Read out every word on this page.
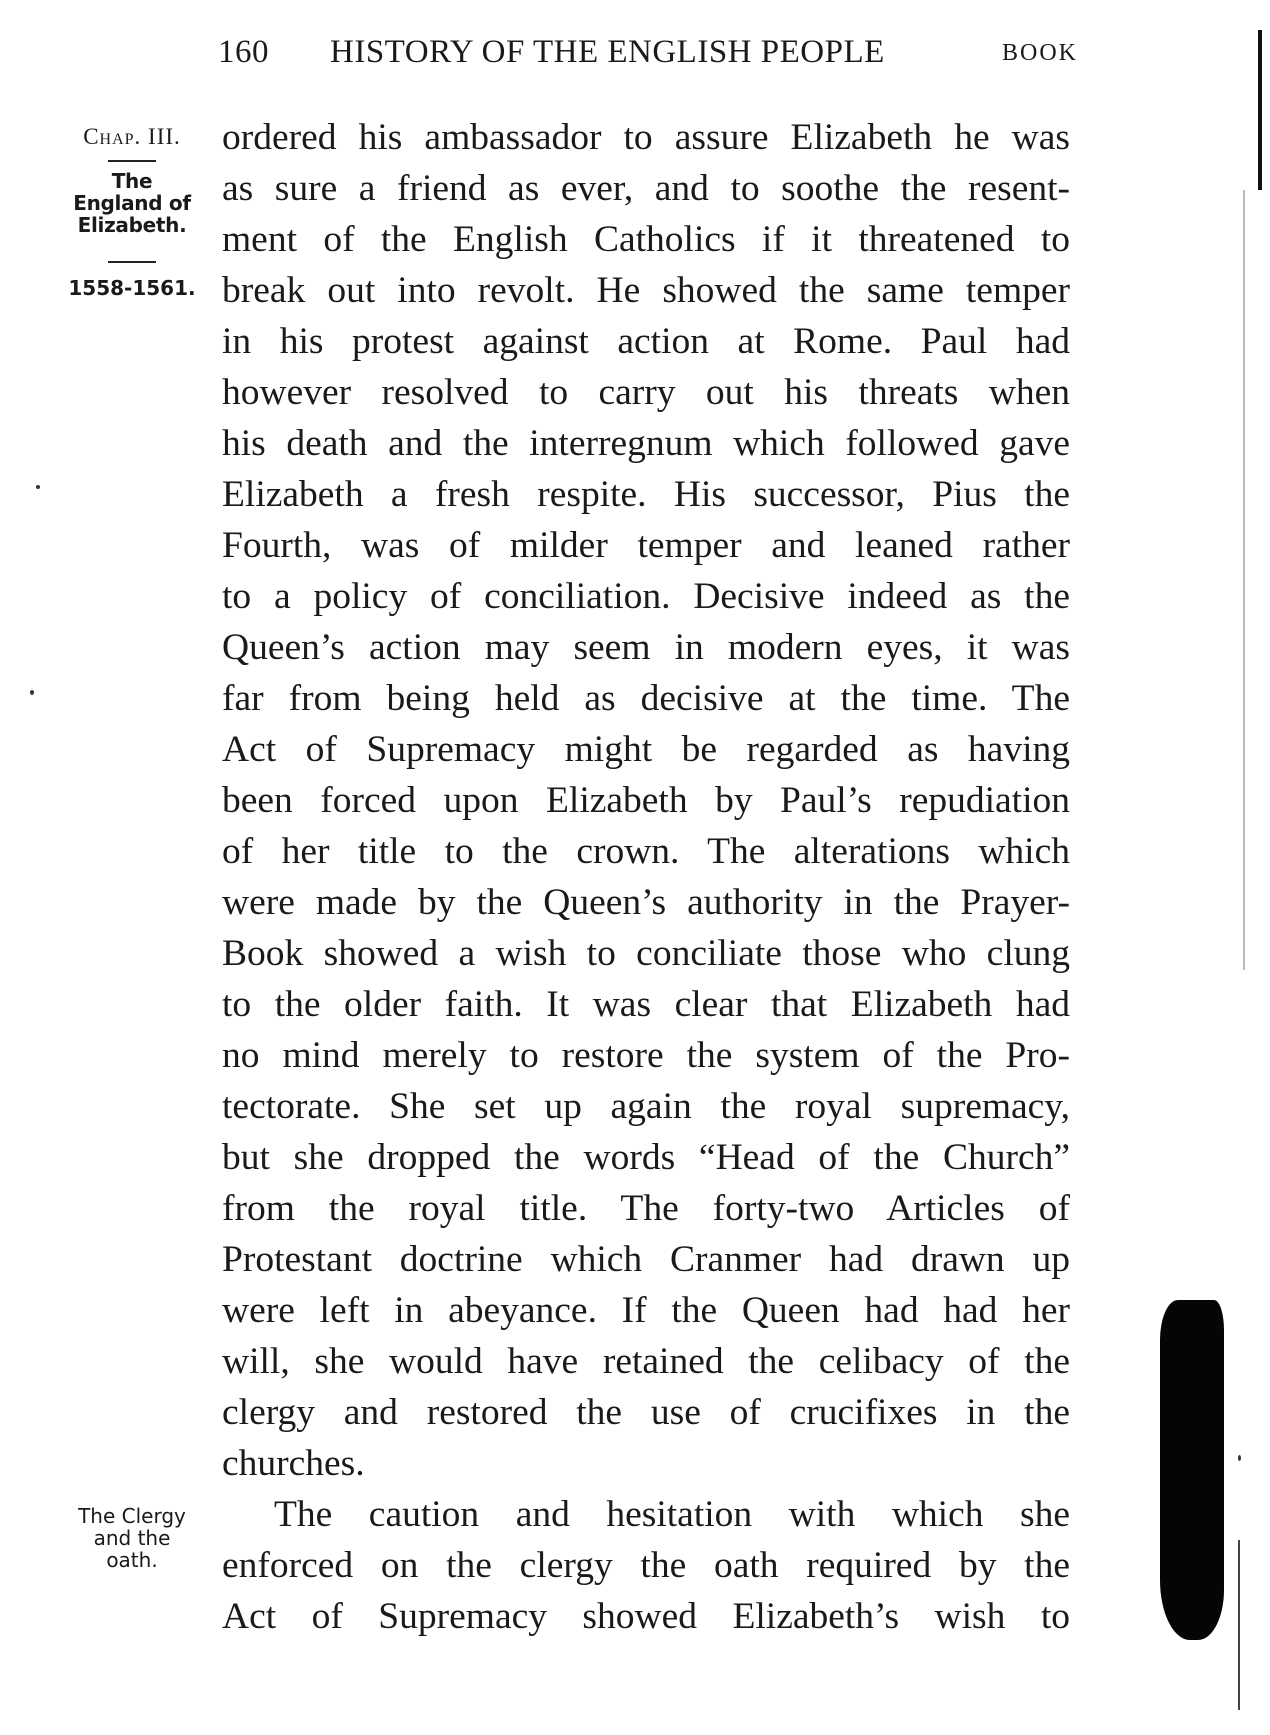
160 HISTORY OF THE ENGLISH PEOPLE	BOOK
Chap. III.
The
England of
Elizabeth.
1558-1561.
The Clergy
and the
oath.
ordered his ambassador to assure Elizabeth he was
as sure a friend as ever, and to soothe the resent-
ment of the English Catholics if it threatened to
break out into revolt. He showed the same temper
in his protest against action at Rome. Paul had
however resolved to carry out his threats when
his death and the interregnum which followed gave
Elizabeth a fresh respite. His successor, Pius the
Fourth, was of milder temper and leaned rather
to a policy of conciliation. Decisive indeed as the
Queen’s action may seem in modern eyes, it was
far from being held as decisive at the time. The
Act of Supremacy might be regarded as having
been forced upon Elizabeth by Paul’s repudiation
of her title to the crown. The alterations which
were made by the Queen’s authority in the Prayer-
Book showed a wish to conciliate those who clung
to the older faith. It was clear that Elizabeth had
no mind merely to restore the system of the Pro-
tectorate. She set up again the royal supremacy,
but she dropped the words “Head of the Church”
from the royal title. The forty-two Articles of
Protestant doctrine which Cranmer had drawn up
were left in abeyance. If the Queen had had her
will, she would have retained the celibacy of the
clergy and restored the use of crucifixes in the
churches.
The caution and hesitation with which she
enforced on the clergy the oath required by the
Act of Supremacy showed Elizabeth’s wish to
